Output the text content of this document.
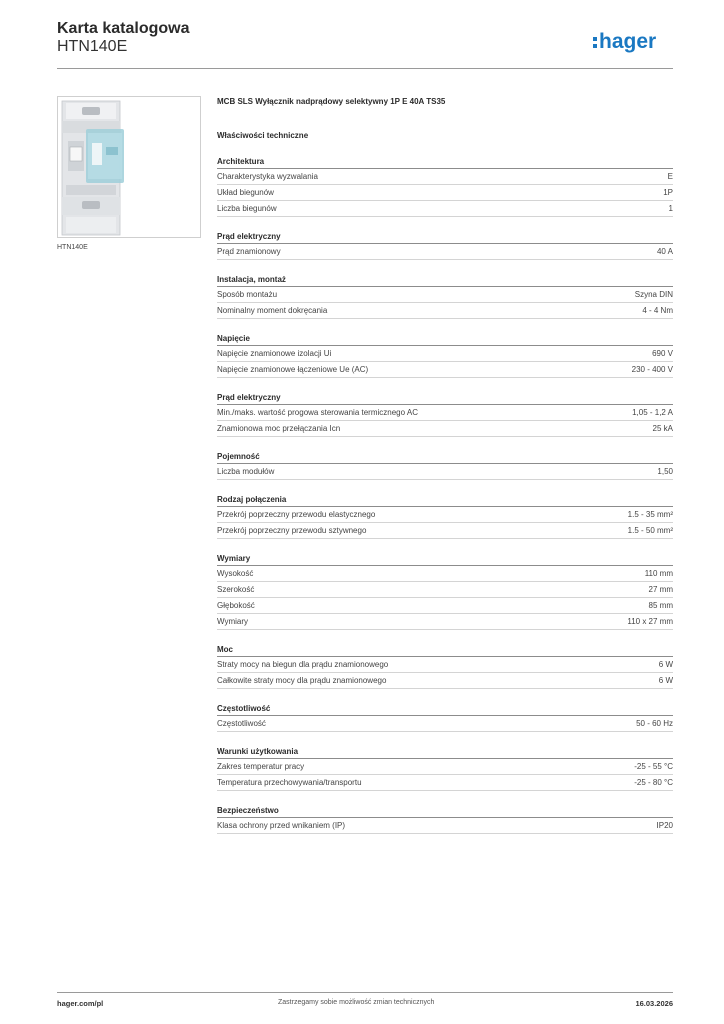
Karta katalogowa
HTN140E	hager
HTN140E
MCB SLS Wyłącznik nadprądowy selektywny 1P E 40A TS35
Właściwości techniczne
Architektura
Charakterystyka wyzwalania	E
Układ biegunów	1P
Liczba biegunów	1
Prąd elektryczny
Prąd znamionowy	40 A
Instalacja, montaż
Sposób montażu	Szyna DIN
Nominalny moment dokręcania	4 - 4 Nm
Napięcie
Napięcie znamionowe izolacji Ui	690 V
Napięcie znamionowe łączeniowe Ue (AC)	230 - 400 V
Prąd elektryczny
Min./maks. wartość progowa sterowania termicznego AC	1,05 - 1,2 A
Znamionowa moc przełączania Icn	25 kA
Pojemność
Liczba modułów	1,50
Rodzaj połączenia
Przekrój poprzeczny przewodu elastycznego	1.5 - 35 mm²
Przekrój poprzeczny przewodu sztywnego	1.5 - 50 mm²
Wymiary
Wysokość	110 mm
Szerokość	27 mm
Głębokość	85 mm
Wymiary	110 x 27 mm
Moc
Straty mocy na biegun dla prądu znamionowego	6 W
Całkowite straty mocy dla prądu znamionowego	6 W
Częstotliwość
Częstotliwość	50 - 60 Hz
Warunki użytkowania
Zakres temperatur pracy	-25 - 55 °C
Temperatura przechowywania/transportu	-25 - 80 °C
Bezpieczeństwo
Klasa ochrony przed wnikaniem (IP)	IP20
hager.com/pl	Zastrzegamy sobie możliwość zmian technicznych	16.03.2026
